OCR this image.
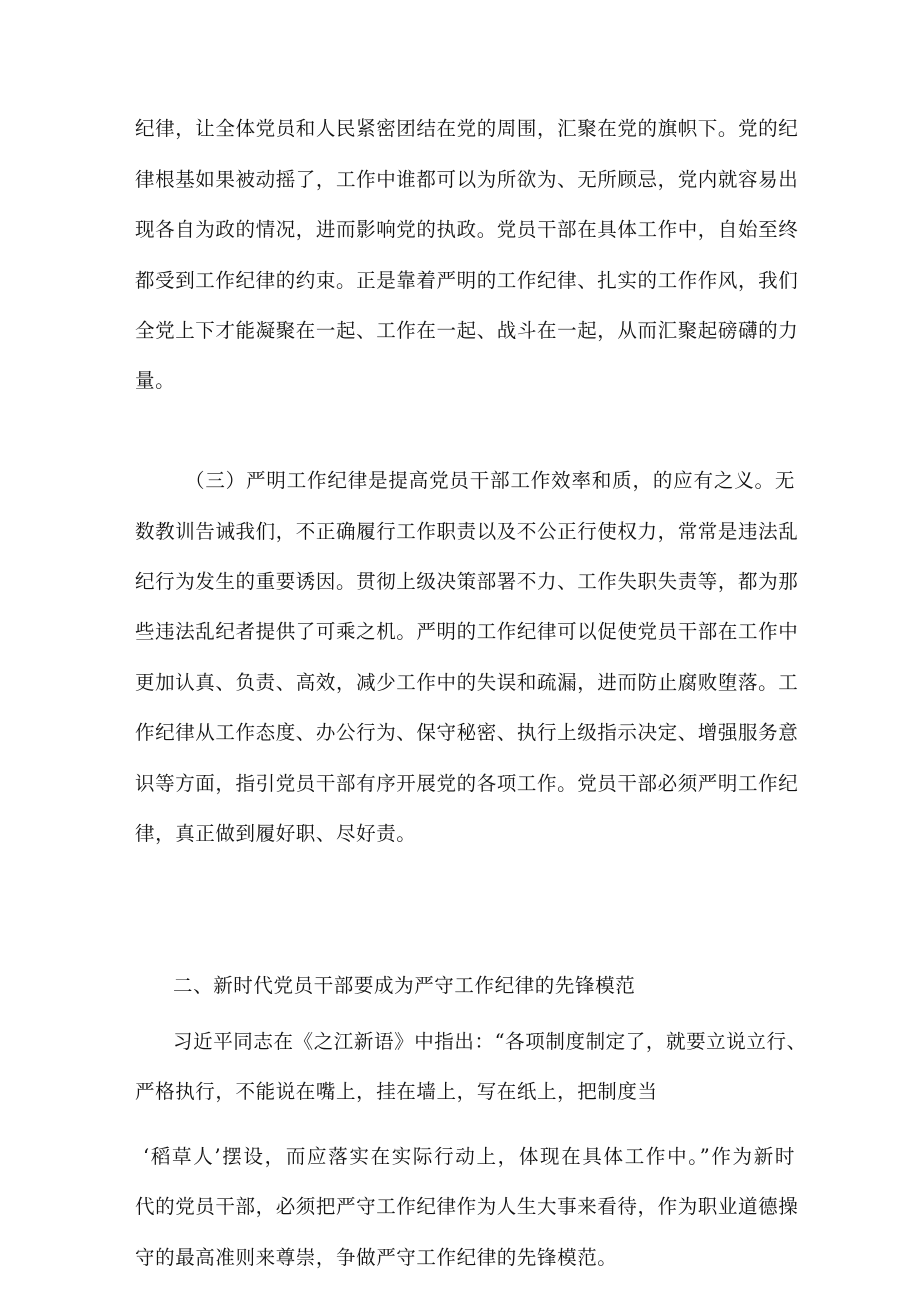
纪律，让全体党员和人民紧密团结在党的周围，汇聚在党的旗帜下。党的纪
律根基如果被动摇了，工作中谁都可以为所欲为、无所顾忌，党内就容易出
现各自为政的情况，进而影响党的执政。党员干部在具体工作中，自始至终
都受到工作纪律的约束。正是靠着严明的工作纪律、扎实的工作作风，我们
全党上下才能凝聚在一起、工作在一起、战斗在一起，从而汇聚起磅礴的力
量。
（三）严明工作纪律是提高党员干部工作效率和质，的应有之义。无
数教训告诫我们，不正确履行工作职责以及不公正行使权力，常常是违法乱
纪行为发生的重要诱因。贯彻上级决策部署不力、工作失职失责等，都为那
些违法乱纪者提供了可乘之机。严明的工作纪律可以促使党员干部在工作中
更加认真、负责、高效，减少工作中的失误和疏漏，进而防止腐败堕落。工
作纪律从工作态度、办公行为、保守秘密、执行上级指示决定、增强服务意
识等方面，指引党员干部有序开展党的各项工作。党员干部必须严明工作纪
律，真正做到履好职、尽好责。
二、新时代党员干部要成为严守工作纪律的先锋模范
习近平同志在《之江新语》中指出：“各项制度制定了，就要立说立行、
严格执行，不能说在嘴上，挂在墙上，写在纸上，把制度当
‘稻草人’摆设，而应落实在实际行动上，体现在具体工作中。”作为新时
代的党员干部，必须把严守工作纪律作为人生大事来看待，作为职业道德操
守的最高准则来尊崇，争做严守工作纪律的先锋模范。
